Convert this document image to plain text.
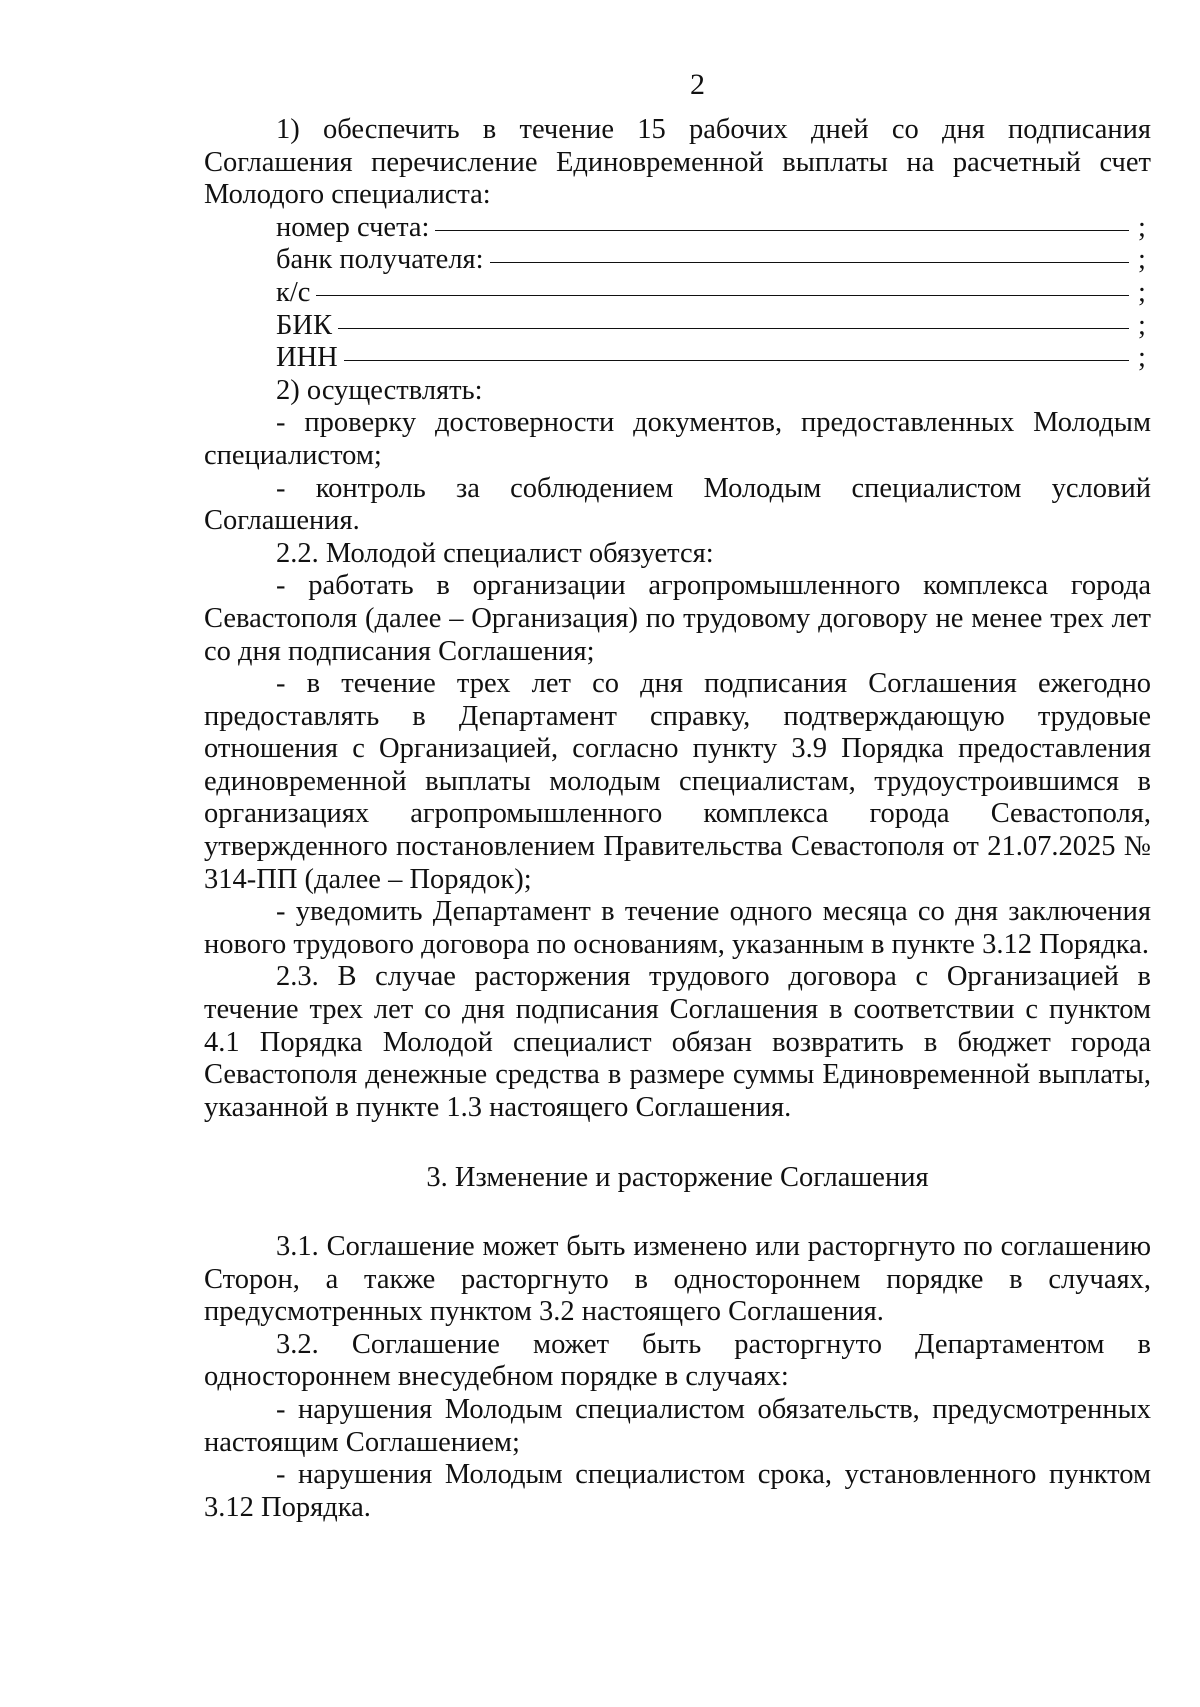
2

1) обеспечить в течение 15 рабочих дней со дня подписания Соглашения перечисление Единовременной выплаты на расчетный счет Молодого специалиста:

номер счета:	;
банк получателя:	;
к/с	;
БИК	;
ИНН	;

2) осуществлять:

- проверку достоверности документов, предоставленных Молодым специалистом;

- контроль за соблюдением Молодым специалистом условий Соглашения.

2.2. Молодой специалист обязуется:

- работать в организации агропромышленного комплекса города Севастополя (далее – Организация) по трудовому договору не менее трех лет со дня подписания Соглашения;

- в течение трех лет со дня подписания Соглашения ежегодно предоставлять в Департамент справку, подтверждающую трудовые отношения с Организацией, согласно пункту 3.9 Порядка предоставления единовременной выплаты молодым специалистам, трудоустроившимся в организациях агропромышленного комплекса города Севастополя, утвержденного постановлением Правительства Севастополя от 21.07.2025 № 314-ПП (далее – Порядок);

- уведомить Департамент в течение одного месяца со дня заключения нового трудового договора по основаниям, указанным в пункте 3.12 Порядка.

2.3. В случае расторжения трудового договора с Организацией в течение трех лет со дня подписания Соглашения в соответствии с пунктом 4.1 Порядка Молодой специалист обязан возвратить в бюджет города Севастополя денежные средства в размере суммы Единовременной выплаты, указанной в пункте 1.3 настоящего Соглашения.

3. Изменение и расторжение Соглашения

3.1. Соглашение может быть изменено или расторгнуто по соглашению Сторон, а также расторгнуто в одностороннем порядке в случаях, предусмотренных пунктом 3.2 настоящего Соглашения.

3.2. Соглашение может быть расторгнуто Департаментом в одностороннем внесудебном порядке в случаях:

- нарушения Молодым специалистом обязательств, предусмотренных настоящим Соглашением;

- нарушения Молодым специалистом срока, установленного пунктом 3.12 Порядка.
